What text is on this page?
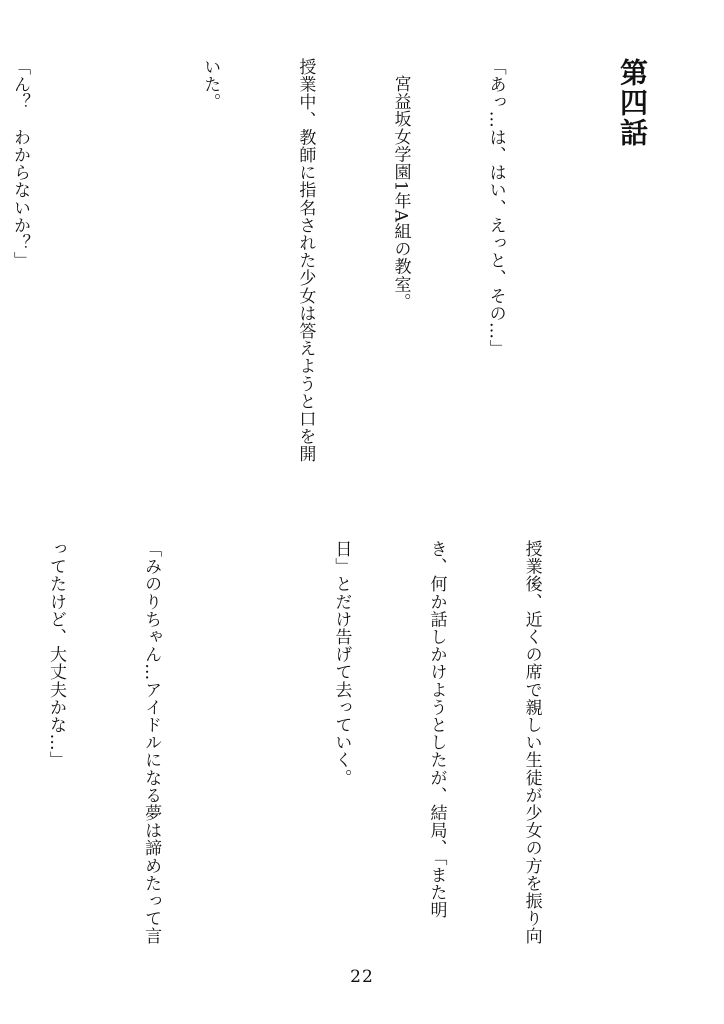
第四話

「あっ…は、はい、えっと、その…」

宮益坂女学園1年A組の教室。

授業中、教師に指名された少女は答えようと口を開

いた。

「ん？　わからないか？」

授業後、近くの席で親しい生徒が少女の方を振り向

き、何か話しかけようとしたが、結局、「また明

日」とだけ告げて去っていく。

「みのりちゃん…アイドルになる夢は諦めたって言

ってたけど、大丈夫かな…」

22
